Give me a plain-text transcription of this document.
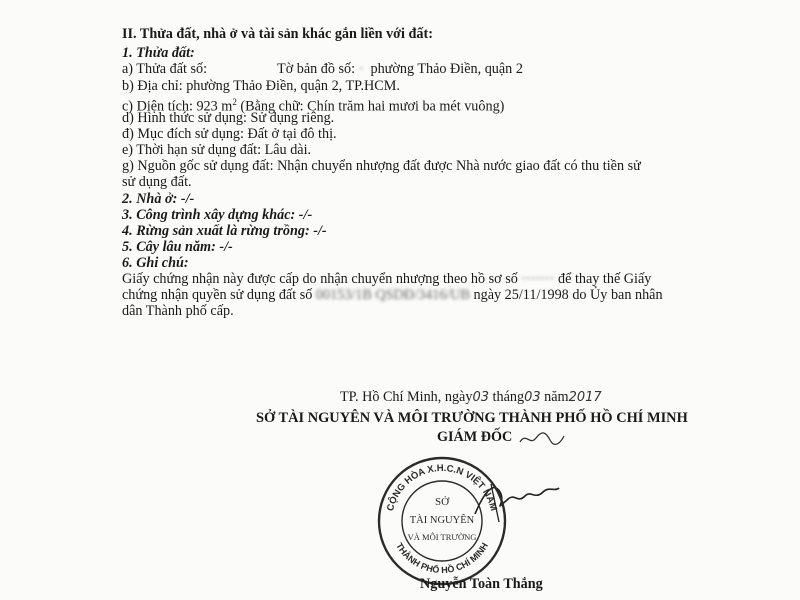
II. Thửa đất, nhà ở và tài sản khác gắn liền với đất:
1. Thửa đất:
a) Thửa đất số:	Tờ bản đồ số: ·  phường Thảo Điền, quận 2
b) Địa chỉ: phường Thảo Điền, quận 2, TP.HCM.
c) Diện tích: 923 $m^2$ (Bằng chữ: Chín trăm hai mươi ba mét vuông)
d) Hình thức sử dụng: Sử dụng riêng.
đ) Mục đích sử dụng: Đất ở tại đô thị.
e) Thời hạn sử dụng đất: Lâu dài.
g) Nguồn gốc sử dụng đất: Nhận chuyển nhượng đất được Nhà nước giao đất có thu tiền sử
sử dụng đất.
2. Nhà ở: -/-
3. Công trình xây dựng khác: -/-
4. Rừng sản xuất là rừng trồng: -/-
5. Cây lâu năm: -/-
6. Ghi chú:
Giấy chứng nhận này được cấp do nhận chuyển nhượng theo hồ sơ số ······· để thay thế Giấy
chứng nhận quyền sử dụng đất số 00153/1B QSDĐ/3416/UB ngày 25/11/1998 do Ủy ban nhân
dân Thành phố cấp.
TP. Hồ Chí Minh, ngày03 tháng03 năm2017
SỞ TÀI NGUYÊN VÀ MÔI TRƯỜNG THÀNH PHỐ HỒ CHÍ MINH
GIÁM ĐỐC
CỘNG HÒA X.H.C.N VIỆT NAM
THÀNH PHỐ HỒ CHÍ MINH
SỞ
TÀI NGUYÊN
VÀ MÔI TRƯỜNG
Nguyễn Toàn Thắng
